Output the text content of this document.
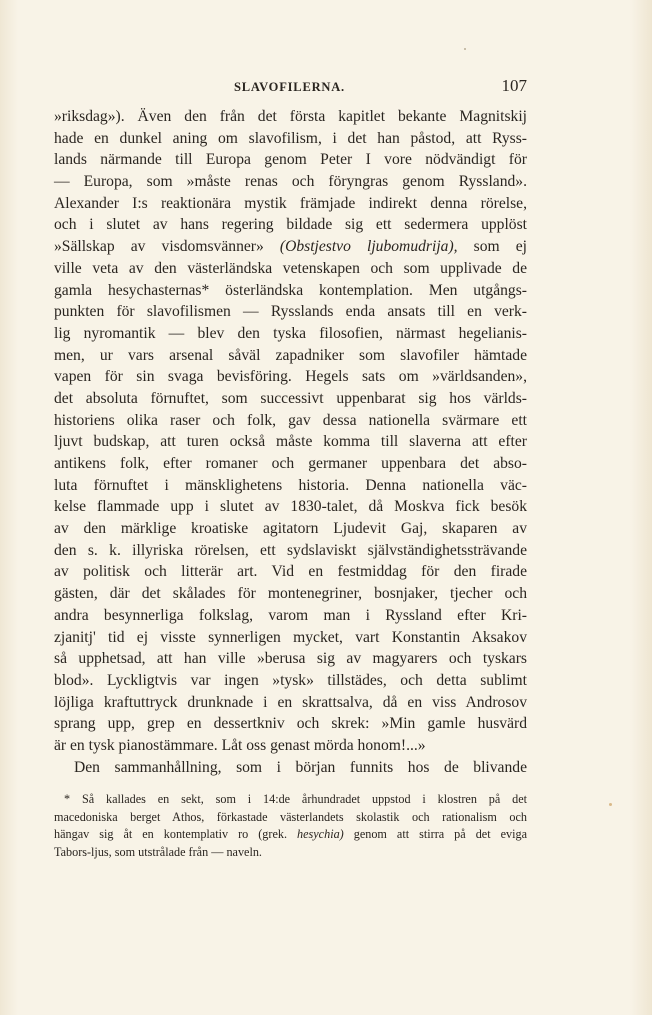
SLAVOFILERNA.	107
»riksdag»). Även den från det första kapitlet bekante Magnitskij
hade en dunkel aning om slavofilism, i det han påstod, att Ryss-
lands närmande till Europa genom Peter I vore nödvändigt för
— Europa, som »måste renas och föryngras genom Ryssland».
Alexander I:s reaktionära mystik främjade indirekt denna rörelse,
och i slutet av hans regering bildade sig ett sedermera upplöst
»Sällskap av visdomsvänner» (Obstjestvo ljubomudrija), som ej
ville veta av den västerländska vetenskapen och som upplivade de
gamla hesychasternas* österländska kontemplation. Men utgångs-
punkten för slavofilismen — Rysslands enda ansats till en verk-
lig nyromantik — blev den tyska filosofien, närmast hegelianis-
men, ur vars arsenal såväl zapadniker som slavofiler hämtade
vapen för sin svaga bevisföring. Hegels sats om »världsanden»,
det absoluta förnuftet, som successivt uppenbarat sig hos världs-
historiens olika raser och folk, gav dessa nationella svärmare ett
ljuvt budskap, att turen också måste komma till slaverna att efter
antikens folk, efter romaner och germaner uppenbara det abso-
luta förnuftet i mänsklighetens historia. Denna nationella väc-
kelse flammade upp i slutet av 1830-talet, då Moskva fick besök
av den märklige kroatiske agitatorn Ljudevit Gaj, skaparen av
den s. k. illyriska rörelsen, ett sydslaviskt självständighetssträvande
av politisk och litterär art. Vid en festmiddag för den firade
gästen, där det skålades för montenegriner, bosnjaker, tjecher och
andra besynnerliga folkslag, varom man i Ryssland efter Kri-
zjanitj' tid ej visste synnerligen mycket, vart Konstantin Aksakov
så upphetsad, att han ville »berusa sig av magyarers och tyskars
blod». Lyckligtvis var ingen »tysk» tillstädes, och detta sublimt
löjliga kraftuttryck drunknade i en skrattsalva, då en viss Androsov
sprang upp, grep en dessertkniv och skrek: »Min gamle husvärd
är en tysk pianostämmare. Låt oss genast mörda honom!...»
Den sammanhållning, som i början funnits hos de blivande
* Så kallades en sekt, som i 14:de århundradet uppstod i klostren på det
macedoniska berget Athos, förkastade västerlandets skolastik och rationalism och
hängav sig åt en kontemplativ ro (grek. hesychia) genom att stirra på det eviga
Tabors-ljus, som utstrålade från — naveln.
